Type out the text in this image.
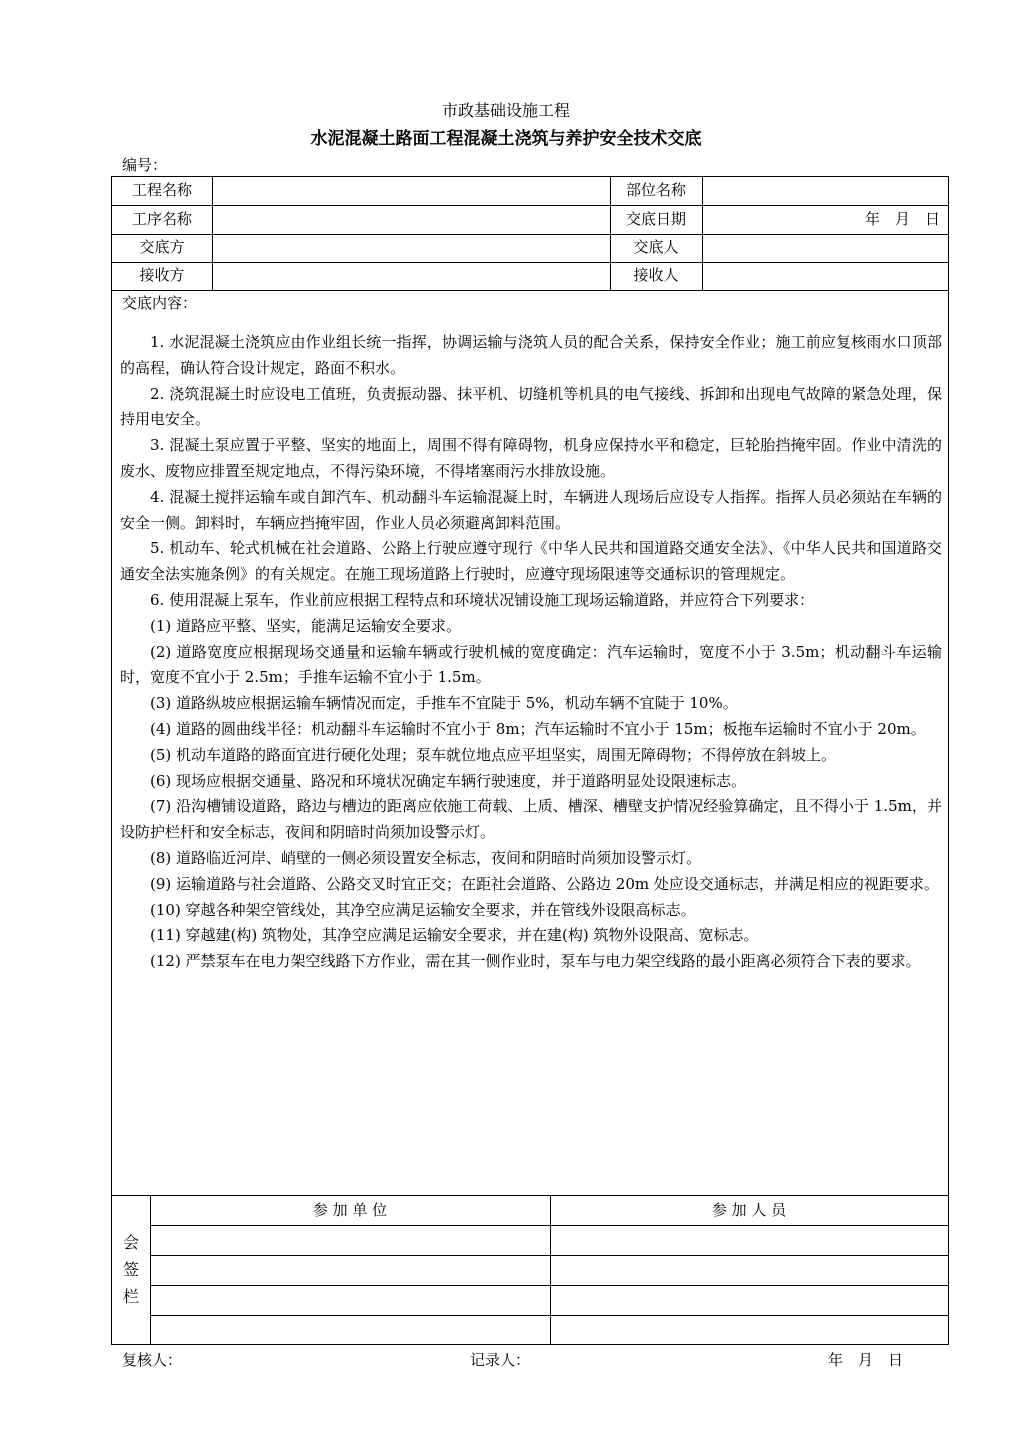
市政基础设施工程
水泥混凝土路面工程混凝土浇筑与养护安全技术交底
编号：
工程名称	部位名称
工序名称	交底日期	年　月　日
交底方	交底人
接收方	接收人
交底内容：

1. 水泥混凝土浇筑应由作业组长统一指挥，协调运输与浇筑人员的配合关系，保持安全作业；施工前应复核雨水口顶部的高程，确认符合设计规定，路面不积水。

2. 浇筑混凝土时应设电工值班，负责振动器、抹平机、切缝机等机具的电气接线、拆卸和出现电气故障的紧急处理，保持用电安全。

3. 混凝土泵应置于平整、坚实的地面上，周围不得有障碍物，机身应保持水平和稳定，巨轮胎挡掩牢固。作业中清洗的废水、废物应排置至规定地点，不得污染环境，不得堵塞雨污水排放设施。

4. 混凝土搅拌运输车或自卸汽车、机动翻斗车运输混凝上时，车辆进人现场后应设专人指挥。指挥人员必须站在车辆的安全一侧。卸料时，车辆应挡掩牢固，作业人员必须避离卸料范围。

5. 机动车、轮式机械在社会道路、公路上行驶应遵守现行《中华人民共和国道路交通安全法》、《中华人民共和国道路交通安全法实施条例》的有关规定。在施工现场道路上行驶时，应遵守现场限速等交通标识的管理规定。

6. 使用混凝上泵车，作业前应根据工程特点和环境状况铺设施工现场运输道路，并应符合下列要求：

(1) 道路应平整、坚实，能满足运输安全要求。

(2) 道路宽度应根据现场交通量和运输车辆或行驶机械的宽度确定：汽车运输时，宽度不小于 3.5m；机动翻斗车运输时，宽度不宜小于 2.5m；手推车运输不宜小于 1.5m。

(3) 道路纵坡应根据运输车辆情况而定，手推车不宜陡于 5%，机动车辆不宜陡于 10%。

(4) 道路的圆曲线半径：机动翻斗车运输时不宜小于 8m；汽车运输时不宜小于 15m；板拖车运输时不宜小于 20m。

(5) 机动车道路的路面宜进行硬化处理；泵车就位地点应平坦坚实，周围无障碍物；不得停放在斜坡上。

(6) 现场应根据交通量、路况和环境状况确定车辆行驶速度，并于道路明显处设限速标志。

(7) 沿沟槽铺设道路，路边与槽边的距离应依施工荷载、上质、槽深、槽壁支护情况经验算确定，且不得小于 1.5m，并设防护栏杆和安全标志，夜间和阴暗时尚须加设警示灯。

(8) 道路临近河岸、峭壁的一侧必须设置安全标志，夜间和阴暗时尚须加设警示灯。

(9) 运输道路与社会道路、公路交叉时宜正交；在距社会道路、公路边 20m 处应设交通标志，并满足相应的视距要求。

(10) 穿越各种架空管线处，其净空应满足运输安全要求，并在管线外设限高标志。

(11) 穿越建(构) 筑物处，其净空应满足运输安全要求，并在建(构) 筑物外设限高、宽标志。

(12) 严禁泵车在电力架空线路下方作业，需在其一侧作业时，泵车与电力架空线路的最小距离必须符合下表的要求。

会
签
栏
参 加 单 位	参 加 人 员
复核人：	记录人：	年　月　日
